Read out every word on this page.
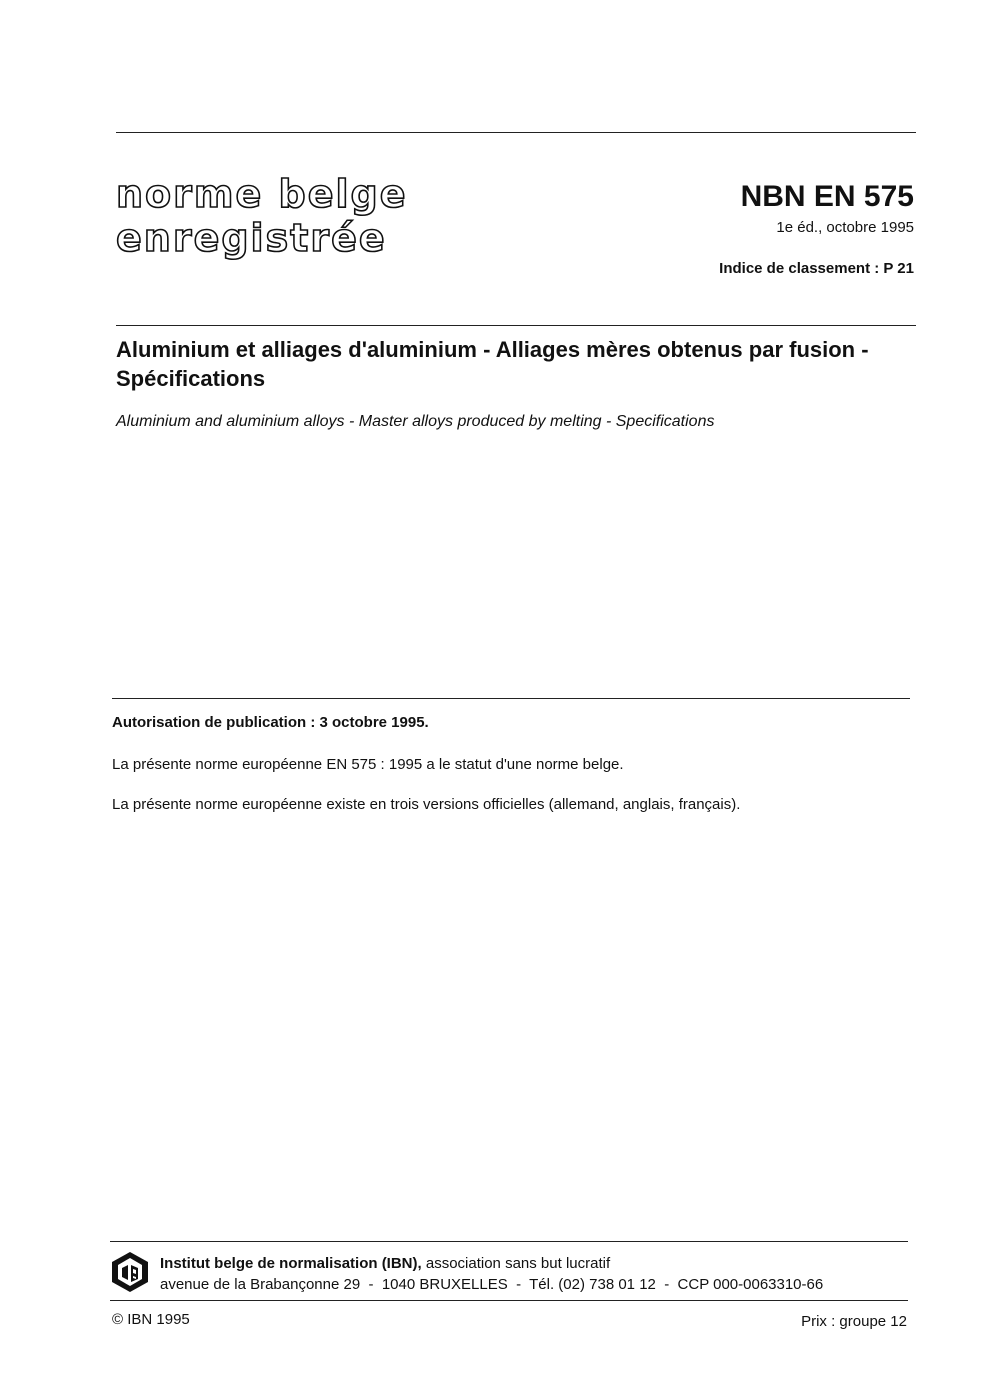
norme belge
enregistrée
NBN EN 575
1e éd., octobre 1995
Indice de classement : P 21
Aluminium et alliages d'aluminium - Alliages mères obtenus par fusion - Spécifications
Aluminium and aluminium alloys - Master alloys produced by melting - Specifications
Autorisation de publication : 3 octobre 1995.
La présente norme européenne EN 575 : 1995 a le statut d'une norme belge.
La présente norme européenne existe en trois versions officielles (allemand, anglais, français).
Institut belge de normalisation (IBN), association sans but lucratif
avenue de la Brabançonne 29  -  1040 BRUXELLES  -  Tél. (02) 738 01 12  -  CCP 000-0063310-66
© IBN 1995	Prix : groupe 12
